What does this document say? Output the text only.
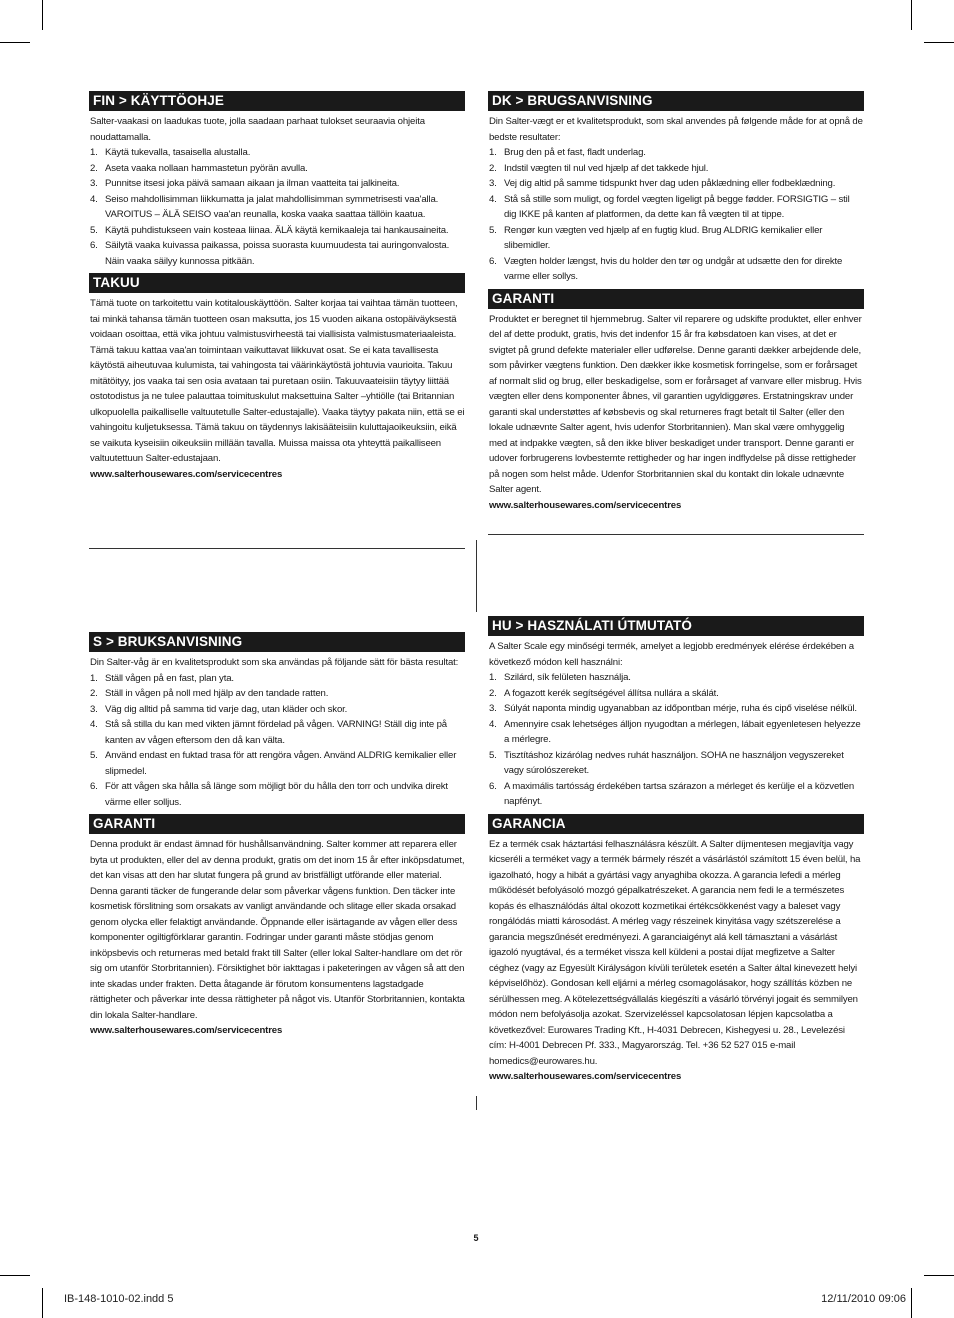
FIN > KÄYTTÖOHJE

Salter-vaakasi on laadukas tuote, jolla saadaan parhaat tulokset seuraavia ohjeita noudattamalla.

1. Käytä tukevalla, tasaisella alustalla.
2. Aseta vaaka nollaan hammastetun pyörän avulla.
3. Punnitse itsesi joka päivä samaan aikaan ja ilman vaatteita tai jalkineita.
4. Seiso mahdollisimman liikkumatta ja jalat mahdollisimman symmetrisesti vaa'alla. VAROITUS – ÄLÄ SEISO vaa'an reunalla, koska vaaka saattaa tällöin kaatua.
5. Käytä puhdistukseen vain kosteaa liinaa. ÄLÄ käytä kemikaaleja tai hankausaineita.
6. Säilytä vaaka kuivassa paikassa, poissa suorasta kuumuudesta tai auringonvalosta. Näin vaaka säilyy kunnossa pitkään.
TAKUU

Tämä tuote on tarkoitettu vain kotitalouskäyttöön. Salter korjaa tai vaihtaa tämän tuotteen, tai minkä tahansa tämän tuotteen osan maksutta, jos 15 vuoden aikana ostopäiväyksestä voidaan osoittaa, että vika johtuu valmistusvirheestä tai viallisista valmistusmateriaaleista. Tämä takuu kattaa vaa'an toimintaan vaikuttavat liikkuvat osat. Se ei kata tavallisesta käytöstä aiheutuvaa kulumista, tai vahingosta tai väärinkäytöstä johtuvia vaurioita. Takuu mitätöityy, jos vaaka tai sen osia avataan tai puretaan osiin. Takuuvaateisiin täytyy liittää ostotodistus ja ne tulee palauttaa toimituskulut maksettuina Salter –yhtiölle (tai Britannian ulkopuolella paikalliselle valtuutetulle Salter-edustajalle). Vaaka täytyy pakata niin, että se ei vahingoitu kuljetuksessa. Tämä takuu on täydennys lakisääteisiin kuluttajaoikeuksiin, eikä se vaikuta kyseisiin oikeuksiin millään tavalla. Muissa maissa ota yhteyttä paikalliseen valtuutettuun Salter-edustajaan.

www.salterhousewares.com/servicecentres

DK > BRUGSANVISNING

Din Salter-vægt er et kvalitetsprodukt, som skal anvendes på følgende måde for at opnå de bedste resultater:

1. Brug den på et fast, fladt underlag.
2. Indstil vægten til nul ved hjælp af det takkede hjul.
3. Vej dig altid på samme tidspunkt hver dag uden påklædning eller fodbeklædning.
4. Stå så stille som muligt, og fordel vægten ligeligt på begge fødder. FORSIGTIG – stil dig IKKE på kanten af platformen, da dette kan få vægten til at tippe.
5. Rengør kun vægten ved hjælp af en fugtig klud. Brug ALDRIG kemikalier eller slibemidler.
6. Vægten holder længst, hvis du holder den tør og undgår at udsætte den for direkte varme eller sollys.
GARANTI

Produktet er beregnet til hjemmebrug. Salter vil reparere og udskifte produktet, eller enhver del af dette produkt, gratis, hvis det indenfor 15 år fra købsdatoen kan vises, at det er svigtet på grund defekte materialer eller udførelse. Denne garanti dækker arbejdende dele, som påvirker vægtens funktion. Den dækker ikke kosmetisk forringelse, som er forårsaget af normalt slid og brug, eller beskadigelse, som er forårsaget af vanvare eller misbrug. Hvis vægten eller dens komponenter åbnes, vil garantien ugyldiggøres. Erstatningskrav under garanti skal understøttes af købsbevis og skal returneres fragt betalt til Salter (eller den lokale udnævnte Salter agent, hvis udenfor Storbritannien). Man skal være omhyggelig med at indpakke vægten, så den ikke bliver beskadiget under transport. Denne garanti er udover forbrugerens lovbestemte rettigheder og har ingen indflydelse på disse rettigheder på nogen som helst måde. Udenfor Storbritannien skal du kontakt din lokale udnævnte Salter agent.

www.salterhousewares.com/servicecentres

S > BRUKSANVISNING

Din Salter-våg är en kvalitetsprodukt som ska användas på följande sätt för bästa resultat:

1. Ställ vågen på en fast, plan yta.
2. Ställ in vågen på noll med hjälp av den tandade ratten.
3. Väg dig alltid på samma tid varje dag, utan kläder och skor.
4. Stå så stilla du kan med vikten jämnt fördelad på vågen. VARNING! Ställ dig inte på kanten av vågen eftersom den då kan välta.
5. Använd endast en fuktad trasa för att rengöra vågen. Använd ALDRIG kemikalier eller slipmedel.
6. För att vågen ska hålla så länge som möjligt bör du hålla den torr och undvika direkt värme eller solljus.
GARANTI

Denna produkt är endast ämnad för hushållsanvändning. Salter kommer att reparera eller byta ut produkten, eller del av denna produkt, gratis om det inom 15 år efter inköpsdatumet, det kan visas att den har slutat fungera på grund av bristfälligt utförande eller material. Denna garanti täcker de fungerande delar som påverkar vågens funktion. Den täcker inte kosmetisk förslitning som orsakats av vanligt användande och slitage eller skada orsakad genom olycka eller felaktigt användande. Öppnande eller isärtagande av vågen eller dess komponenter ogiltigförklarar garantin. Fodringar under garanti måste stödjas genom inköpsbevis och returneras med betald frakt till Salter (eller lokal Salter-handlare om det rör sig om utanför Storbritannien). Försiktighet bör iakttagas i paketeringen av vågen så att den inte skadas under frakten. Detta åtagande är förutom konsumentens lagstadgade rättigheter och påverkar inte dessa rättigheter på något vis. Utanför Storbritannien, kontakta din lokala Salter-handlare.

www.salterhousewares.com/servicecentres

HU > HASZNÁLATI ÚTMUTATÓ

A Salter Scale egy minőségi termék, amelyet a legjobb eredmények elérése érdekében a következő módon kell használni:

1. Szilárd, sík felületen használja.
2. A fogazott kerék segítségével állítsa nullára a skálát.
3. Súlyát naponta mindig ugyanabban az időpontban mérje, ruha és cipő viselése nélkül.
4. Amennyire csak lehetséges álljon nyugodtan a mérlegen, lábait egyenletesen helyezze a mérlegre.
5. Tisztításhoz kizárólag nedves ruhát használjon. SOHA ne használjon vegyszereket vagy súrolószereket.
6. A maximális tartósság érdekében tartsa szárazon a mérleget és kerülje el a közvetlen napfényt.
GARANCIA

Ez a termék csak háztartási felhasználásra készült. A Salter díjmentesen megjavítja vagy kicseréli a terméket vagy a termék bármely részét a vásárlástól számított 15 éven belül, ha igazolható, hogy a hibát a gyártási vagy anyaghiba okozza. A garancia lefedi a mérleg működését befolyásoló mozgó gépalkatrészeket. A garancia nem fedi le a természetes kopás és elhasználódás által okozott kozmetikai értékcsökkenést vagy a baleset vagy rongálódás miatti károsodást. A mérleg vagy részeinek kinyitása vagy szétszerelése a garancia megszűnését eredményezi. A garanciaigényt alá kell támasztani a vásárlást igazoló nyugtával, és a terméket vissza kell küldeni a postai díjat megfizetve a Salter céghez (vagy az Egyesült Királyságon kívüli területek esetén a Salter által kinevezett helyi képviselőhöz). Gondosan kell eljárni a mérleg csomagolásakor, hogy szállítás közben ne sérülhessen meg. A kötelezettségvállalás kiegészíti a vásárló törvényi jogait és semmilyen módon nem befolyásolja azokat. Szervizeléssel kapcsolatosan lépjen kapcsolatba a következővel: Eurowares Trading Kft., H-4031 Debrecen, Kishegyesi u. 28., Levelezési cím: H-4001 Debrecen Pf. 333., Magyarország. Tel. +36 52 527 015 e-mail homedics@eurowares.hu.

www.salterhousewares.com/servicecentres

5
IB-148-1010-02.indd 5	12/11/2010 09:06
